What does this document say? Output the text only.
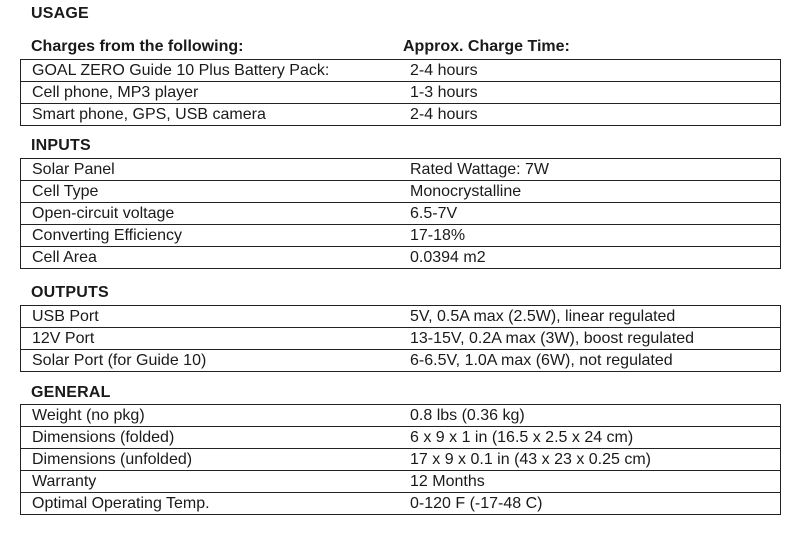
USAGE
Charges from the following:	Approx. Charge Time:
GOAL ZERO Guide 10 Plus Battery Pack:	2-4 hours
Cell phone, MP3 player	1-3 hours
Smart phone, GPS, USB camera	2-4 hours
INPUTS
Solar Panel	Rated Wattage: 7W
Cell Type	Monocrystalline
Open-circuit voltage	6.5-7V
Converting Efficiency	17-18%
Cell Area	0.0394 m2
OUTPUTS
USB Port	5V, 0.5A max (2.5W), linear regulated
12V Port	13-15V, 0.2A max (3W), boost regulated
Solar Port (for Guide 10)	6-6.5V, 1.0A max (6W), not regulated
GENERAL
Weight (no pkg)	0.8 lbs (0.36 kg)
Dimensions (folded)	6 x 9 x 1 in (16.5 x 2.5 x 24 cm)
Dimensions (unfolded)	17 x 9 x 0.1 in (43 x 23 x 0.25 cm)
Warranty	12 Months
Optimal Operating Temp.	0-120 F (-17-48 C)
